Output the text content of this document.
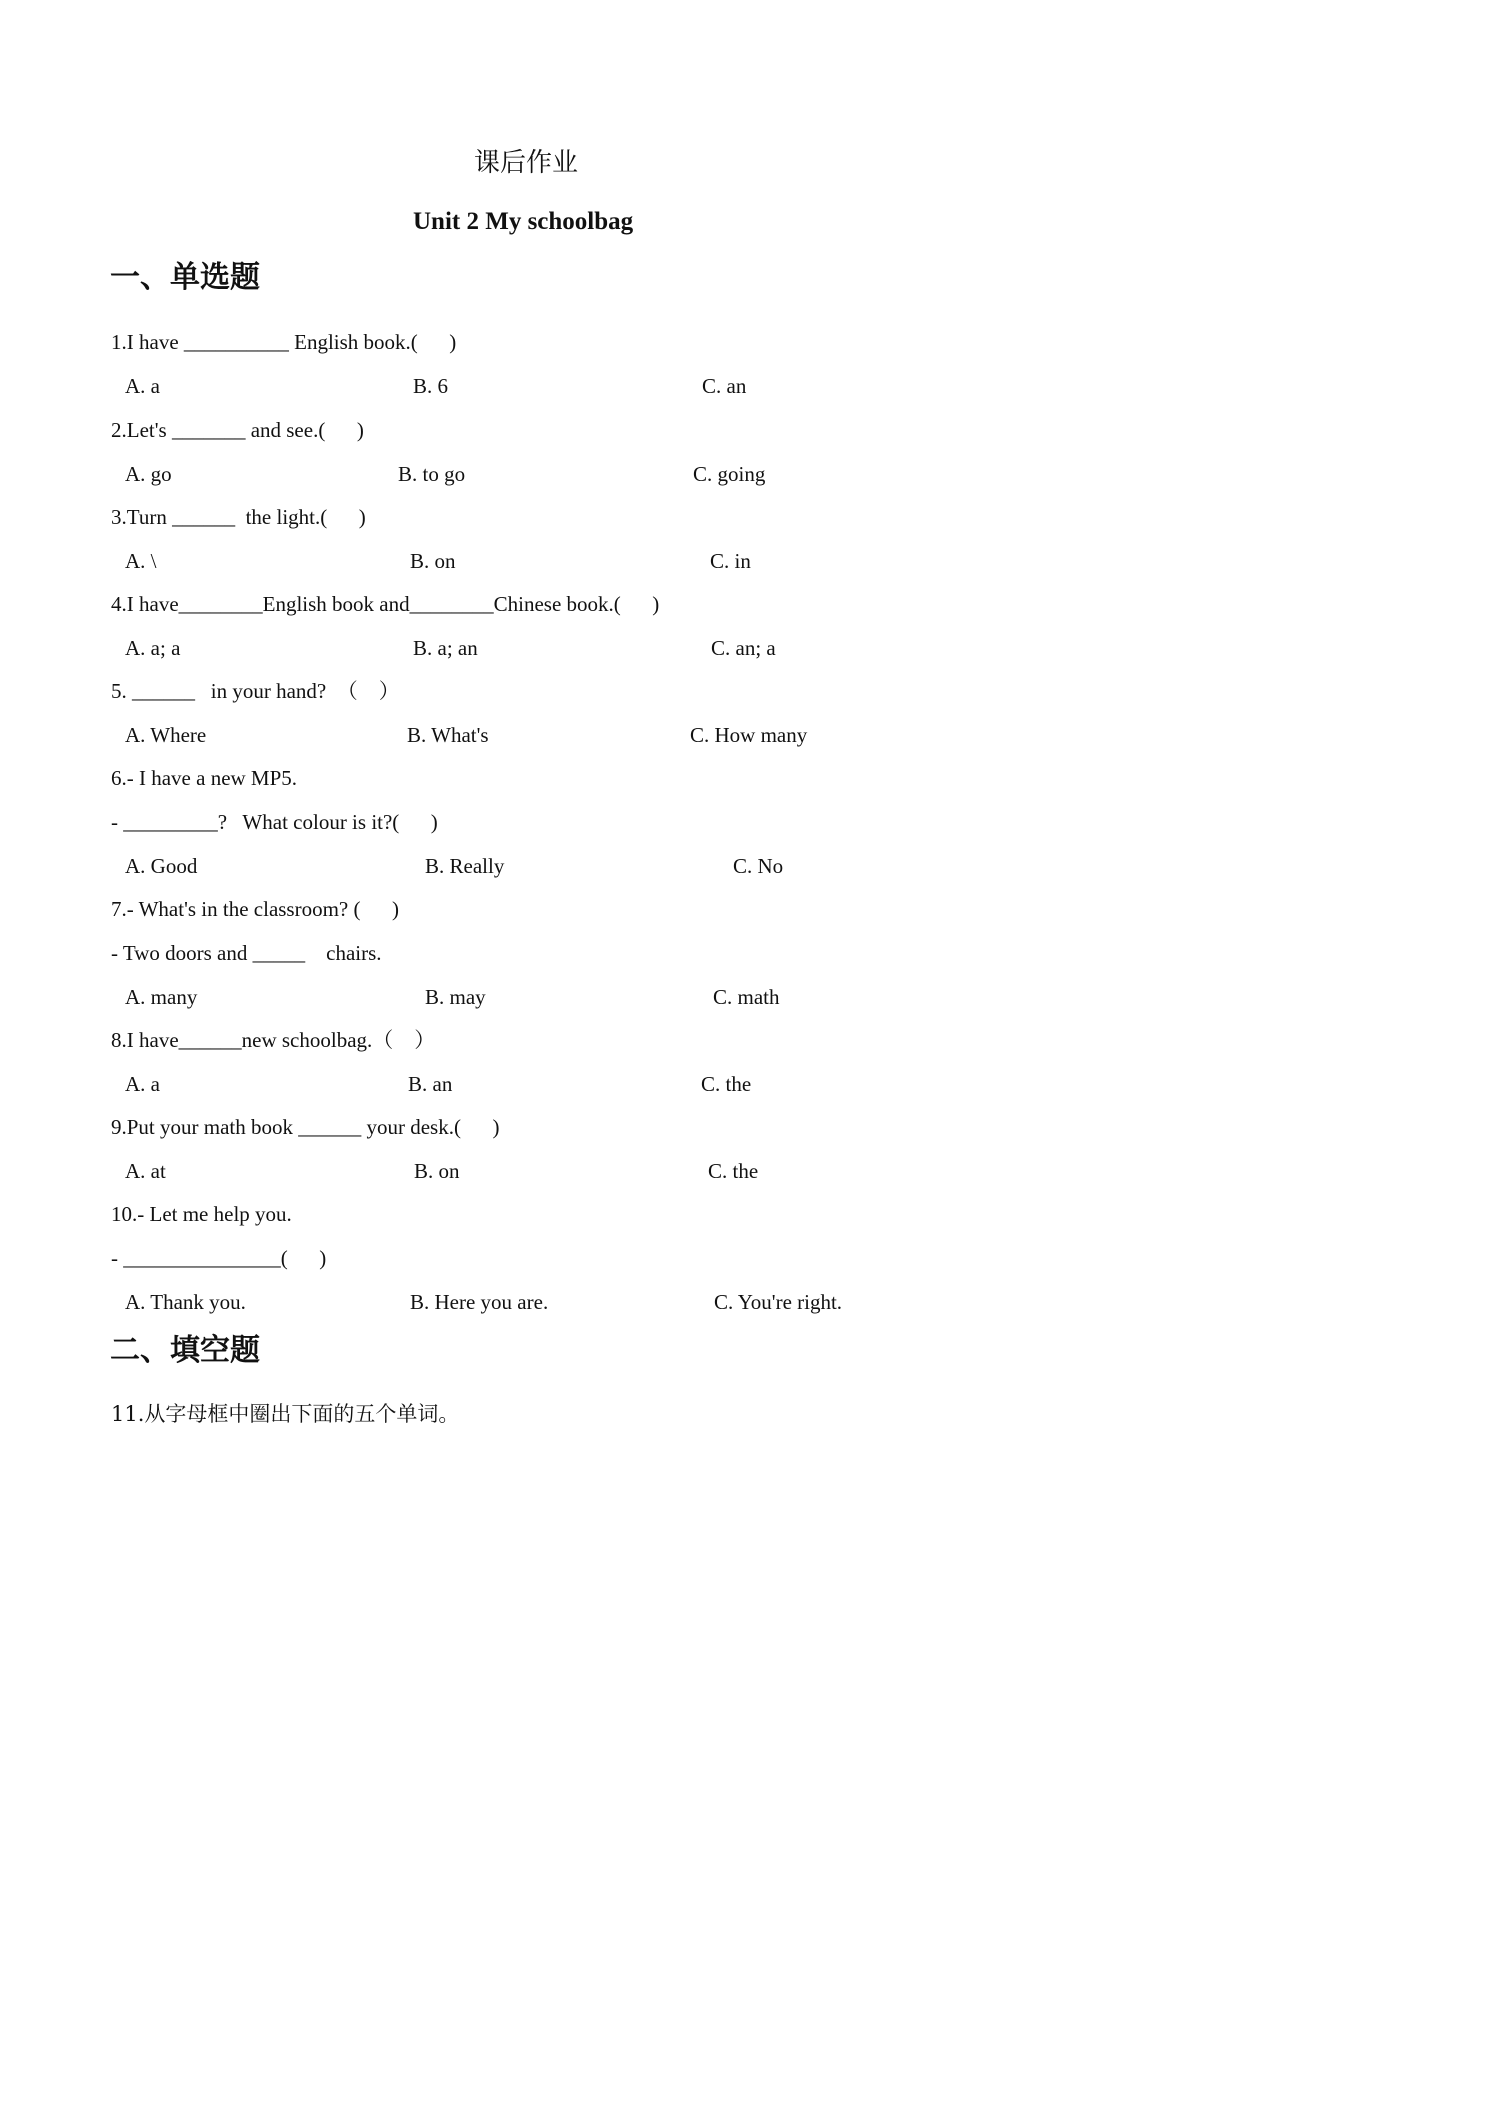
课后作业
Unit 2 My schoolbag
一、单选题
1.I have __________ English book.(      )
A. a	B. 6	C. an
2.Let's _______ and see.(      )
A. go	B. to go	C. going
3.Turn ______  the light.(      )
A. \	B. on	C. in
4.I have________English book and________Chinese book.(      )
A. a; a	B. a; an	C. an; a
5. ______   in your hand?  （    ）
A. Where	B. What's	C. How many
6.- I have a new MP5.
- _________?   What colour is it?(      )
A. Good	B. Really	C. No
7.- What's in the classroom? (      )
- Two doors and _____    chairs.
A. many	B. may	C. math
8.I have______new schoolbag.（    ）
A. a	B. an	C. the
9.Put your math book ______ your desk.(      )
A. at	B. on	C. the
10.- Let me help you.
- _______________(      )
A. Thank you.	B. Here you are.	C. You're right.
二、填空题
11.从字母框中圈出下面的五个单词。
